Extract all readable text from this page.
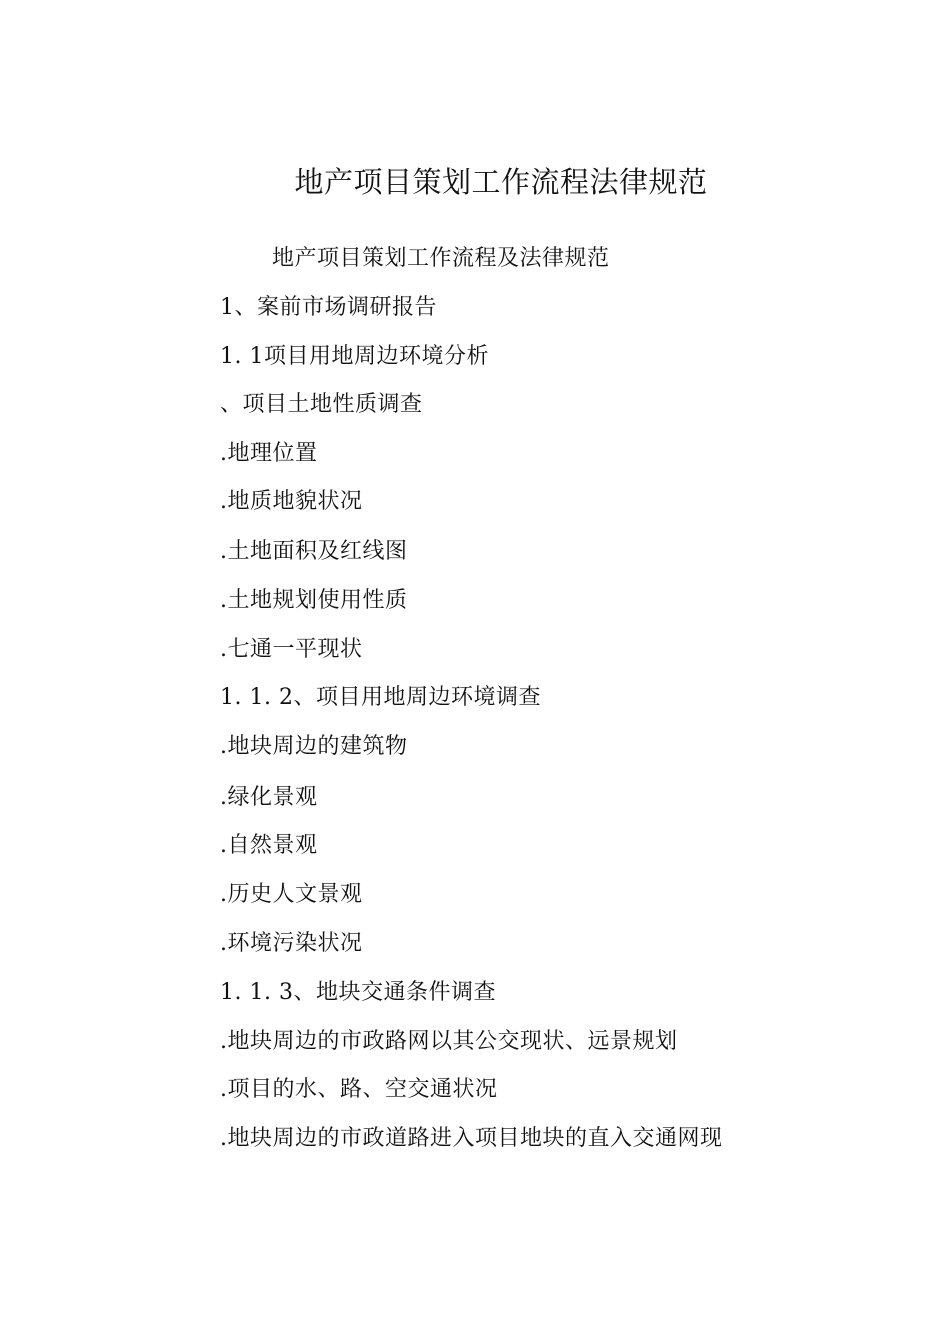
地产项目策划工作流程法律规范
地产项目策划工作流程及法律规范
1、案前市场调研报告
1. 1项目用地周边环境分析
、项目土地性质调查
.地理位置
.地质地貌状况
.土地面积及红线图
.土地规划使用性质
.七通一平现状
1. 1. 2、项目用地周边环境调查
.地块周边的建筑物
.绿化景观
.自然景观
.历史人文景观
.环境污染状况
1. 1. 3、地块交通条件调查
.地块周边的市政路网以其公交现状、远景规划
.项目的水、路、空交通状况
.地块周边的市政道路进入项目地块的直入交通网现
